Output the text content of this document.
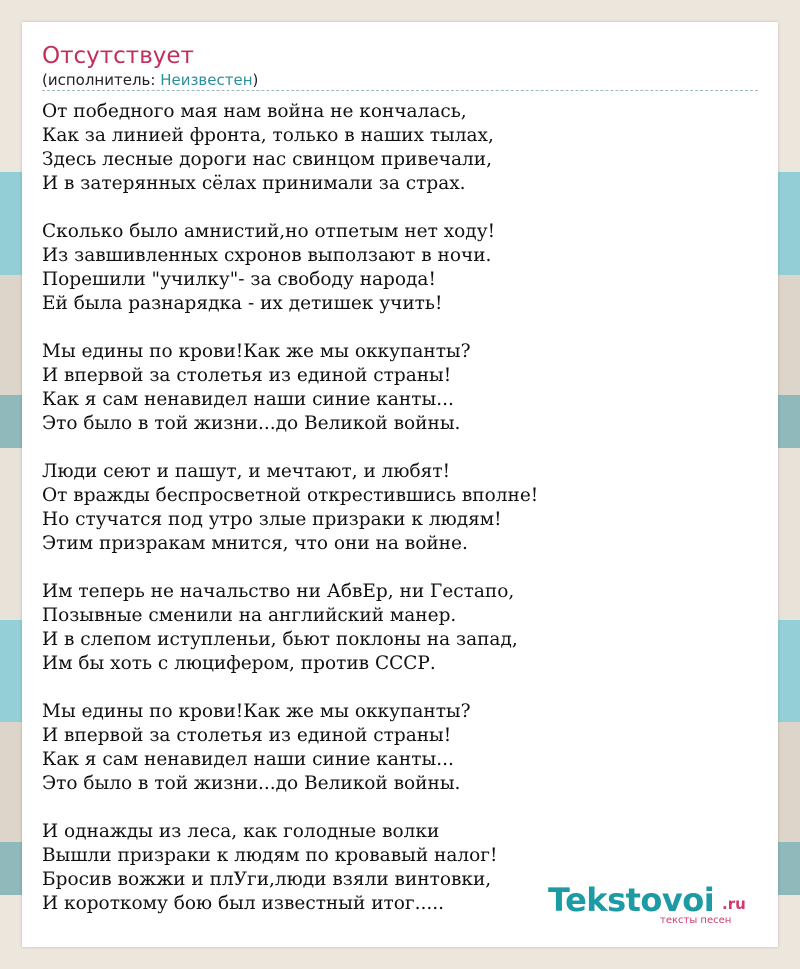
Отсутствует
(исполнитель: Неизвестен)
От победного мая нам война не кончалась,
Как за линией фронта, только в наших тылах,
Здесь лесные дороги нас свинцом привечали,
И в затерянных сёлах принимали за страх.
Сколько было амнистий,но отпетым нет ходу!
Из завшивленных схронов выползают в ночи.
Порешили "училку"- за свободу народа!
Ей была разнарядка - их детишек учить!
Мы едины по крови!Как же мы оккупанты?
И впервой за столетья из единой страны!
Как я сам ненавидел наши синие канты...
Это было в той жизни...до Великой войны.
Люди сеют и пашут, и мечтают, и любят!
От вражды беспросветной открестившись вполне!
Но стучатся под утро злые призраки к людям!
Этим призракам мнится, что они на войне.
Им теперь не начальство ни АбвЕр, ни Гестапо,
Позывные сменили на английский манер.
И в слепом иступленьи, бьют поклоны на запад,
Им бы хоть с люцифером, против СССР.
Мы едины по крови!Как же мы оккупанты?
И впервой за столетья из единой страны!
Как я сам ненавидел наши синие канты...
Это было в той жизни...до Великой войны.
И однажды из леса, как голодные волки
Вышли призраки к людям по кровавый налог!
Бросив вожжи и плУги,люди взяли винтовки,
И короткому бою был известный итог.....	Tekstovoi .ru
тексты песен
